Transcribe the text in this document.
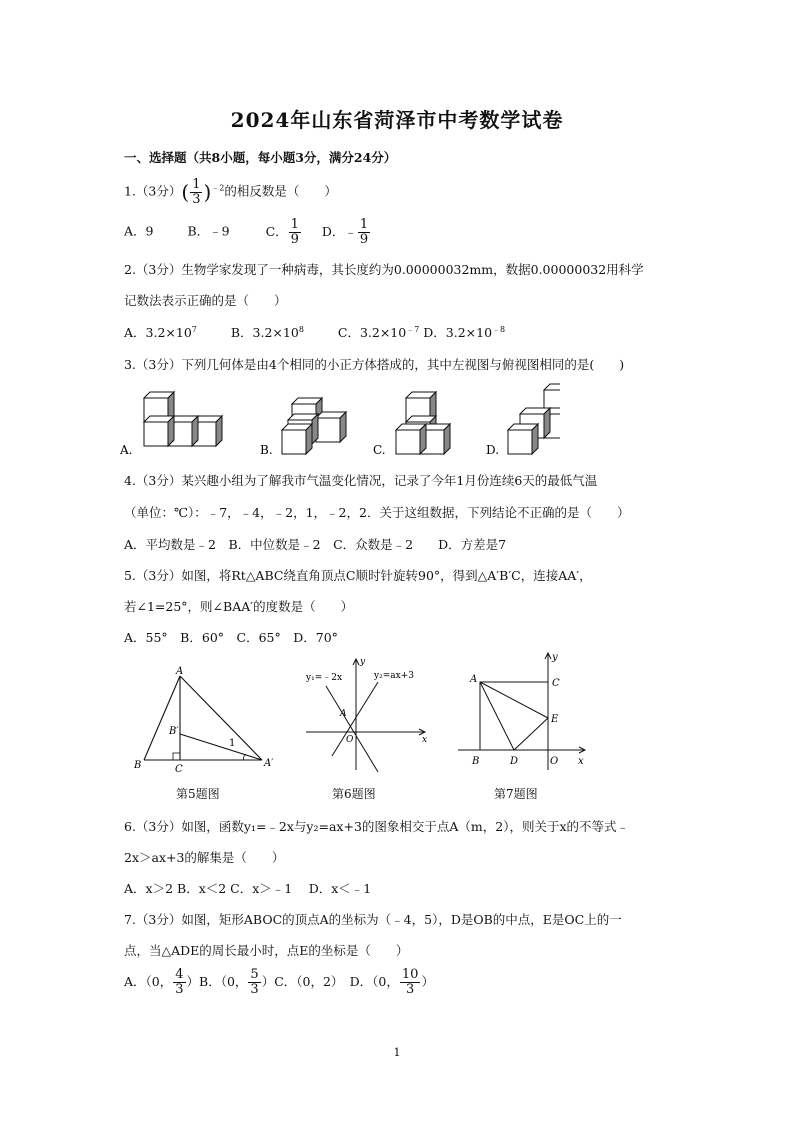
2024年山东省菏泽市中考数学试卷
一、选择题（共8小题，每小题3分，满分24分）
1.（3分）( $\frac{1}{3} )^{﹣2}$的相反数是（　　）
A．9	B．﹣9	C． $\frac{1}{9}$ D．﹣ $\frac{1}{9}$
2.（3分）生物学家发现了一种病毒，其长度约为0.00000032mm，数据0.00000032用科学
记数法表示正确的是（　　）
A．$3.2\times 10^7$	B．$3.2\times 10^8$	C．$3.2\times 10^{﹣7}$ D．$3.2\times 10^{﹣8}$
3.（3分）下列几何体是由4个相同的小正方体搭成的，其中左视图与俯视图相同的是(　　)
A.	B.	C.	D.
4.（3分）某兴趣小组为了解我市气温变化情况，记录了今年1月份连续6天的最低气温
（单位：℃）：﹣7，﹣4，﹣2，1，﹣2，2．关于这组数据，下列结论不正确的是（　　）
A．平均数是﹣2　B．中位数是﹣2　C．众数是﹣2　　D．方差是7
5.（3分）如图，将Rt△ABC绕直角顶点C顺时针旋转90°，得到△A′B′C，连接AA′，
若∠1=25°，则∠BAA′的度数是（　　）
A．55°　B．60°　C．65°　D．70°
A
B	C
B′
A′
1
第5题图
y
x
y₁=﹣2x	y₂=ax+3
A
O
第6题图
y
x
A
B
C
D
E
O
第7题图
6.（3分）如图，函数y₁=﹣2x与y₂=ax+3的图象相交于点A（m，2），则关于x的不等式﹣
2x＞ax+3的解集是（　　）
A．x＞2 B．x＜2 C．x＞﹣1　 D．x＜﹣1
7.（3分）如图，矩形ABOC的顶点A的坐标为（﹣4，5），D是OB的中点，E是OC上的一
点，当△ADE的周长最小时，点E的坐标是（　　）
A．（0， $\frac{4}{3} )B$．（0， $\frac{5}{3} )C$．（0，2）　D．（0， $\frac{10}{3}$ ）
1
